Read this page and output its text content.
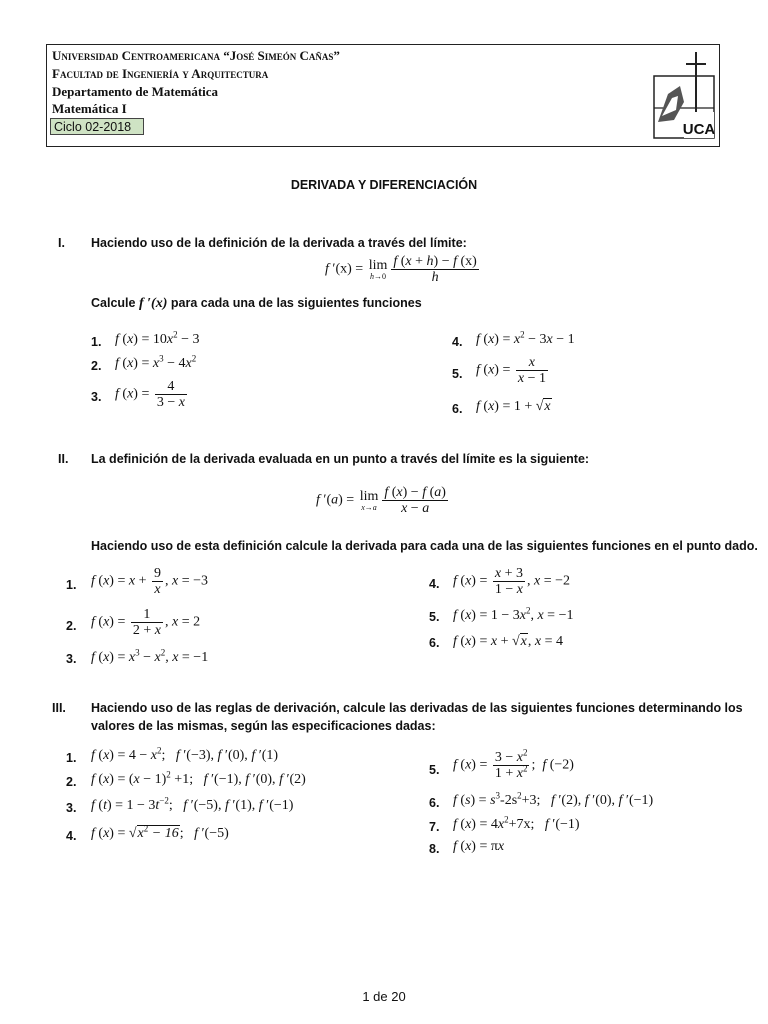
Universidad Centroamericana “José Simeón Cañas”
Facultad de Ingeniería y Arquitectura
Departamento de Matemática
Matemática I
Ciclo 02-2018	UCA
DERIVADA Y DIFERENCIACIÓN
I. Haciendo uso de la definición de la derivada a través del límite:
f ′(x) = lim
$h\to 0 \frac{f (x + h) - f (x)}{h}$
Calcule f ′(x) para cada una de las siguientes funciones
1. f $(x) = 10x^2 - 3$
2. f $(x) = x^3 - 4x^2$
3. f $(x) = \frac{4}{3 - x}$
4. f $(x) = x^2 - 3x - 1$
5. f $(x) = \frac{x}{x - 1}$
6. f (x) = 1 + √x
II. La definición de la derivada evaluada en un punto a través del límite es la siguiente:
f ′(a) = lim
$x\to a \frac{f (x) - f (a)}{x - a}$
Haciendo uso de esta definición calcule la derivada para cada una de las siguientes funciones en el punto dado.
1. f $(x) = x + \frac{9}{x}$ , x = −3
2. f $(x) = \frac{1}{2 + x}$ , x = 2
3. f $(x) = x^3 - x^2$, x = −1
4. f $(x) = \frac{x + 3}{1 - x}$ , x = −2
5. f $(x) = 1 - 3x^2$, x = −1
6. f (x) = x + √x, x = 4
III. Haciendo uso de las reglas de derivación, calcule las derivadas de las siguientes funciones determinando los
valores de las mismas, según las especificaciones dadas:
1. f $(x) = 4 - x^2$;   f ′(−3), f ′(0), f ′(1)
2. f $(x) = (x - 1)^2 +1$;   f ′(−1), f ′(0), f ′(2)
3. f $(t) = 1 - 3t^{-2}$;   f ′(−5), f ′(1), f ′(−1)
4. f $(x) = √x^2 - 16$;   f ′(−5)
5. f $(x) = \frac{3 - x^2}{1 + x^2}$ ;  f (−2)
6. f $(s) = s^3-2s^2+3$;   f ′(2), f ′(0), f ′(−1)
7. f $(x) = 4x^2+7x$;   f ′(−1)
8. f (x) = πx
1 de 20
